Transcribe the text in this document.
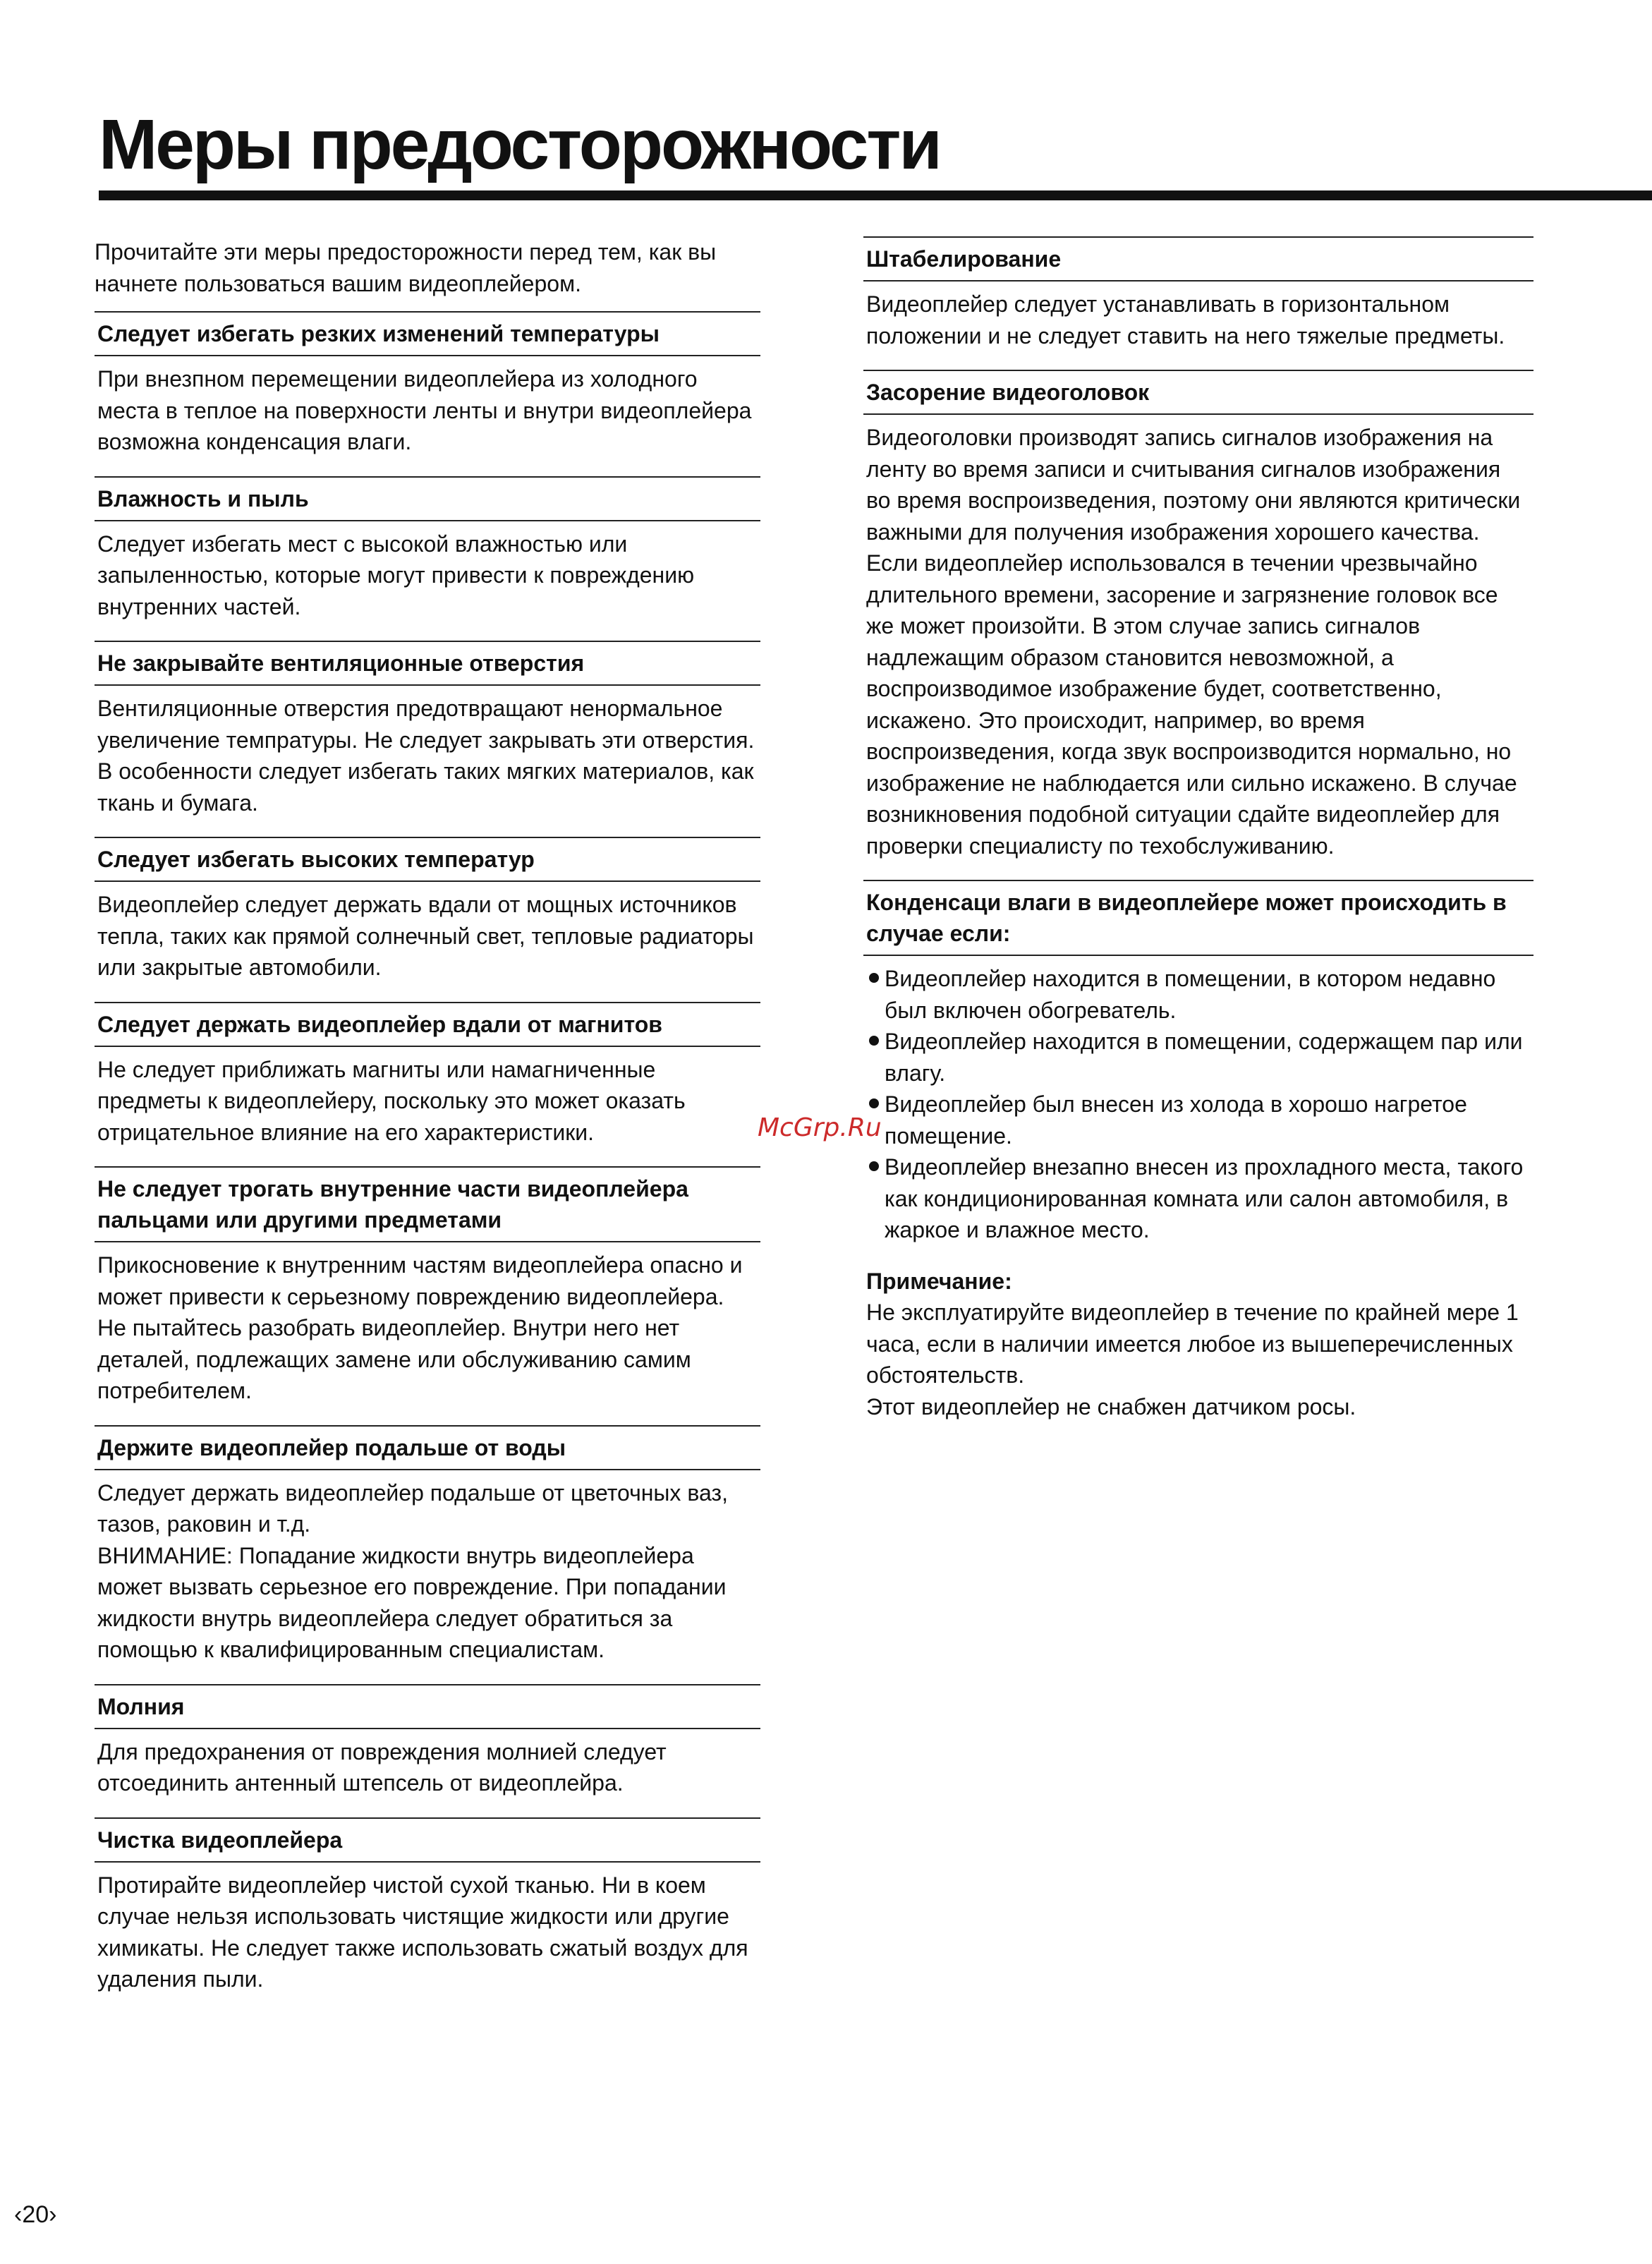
Меры предосторожности

Прочитайте эти меры предосторожности перед тем, как вы начнете пользоваться вашим видеоплейером.

Следует избегать резких изменений температуры

При внезпном перемещении видеоплейера из холодного места в теплое на поверхности ленты и внутри видеоплейера возможна конденсация влаги.

Влажность и пыль

Следует избегать мест с высокой влажностью или запыленностью, которые могут привести к повреждению внутренних частей.

Не закрывайте вентиляционные отверстия

Вентиляционные отверстия предотвращают ненормальное увеличение темпратуры. Не следует закрывать эти отверстия. В особенности следует избегать таких мягких материалов, как ткань и бумага.

Следует избегать высоких температур

Видеоплейер следует держать вдали от мощных источников тепла, таких как прямой солнечный свет, тепловые радиаторы или закрытые автомобили.

Следует держать видеоплейер вдали от магнитов

Не следует приближать магниты или намагниченные предметы к видеоплейеру, поскольку это может оказать отрицательное влияние на его характеристики.

Не следует трогать внутренние части видеоплейера пальцами или другими предметами

Прикосновение к внутренним частям видеоплейера опасно и может привести к серьезному повреждению видеоплейера. Не пытайтесь разобрать видеоплейер. Внутри него нет деталей, подлежащих замене или обслуживанию самим потребителем.

Держите видеоплейер подальше от воды

Следует держать видеоплейер подальше от цветочных ваз, тазов, раковин и т.д.

ВНИМАНИЕ: Попадание жидкости внутрь видеоплейера может вызвать серьезное его повреждение. При попадании жидкости внутрь видеоплейера следует обратиться за помощью к квалифицированным специалистам.

Молния

Для предохранения от повреждения молнией следует отсоединить антенный штепсель от видеоплейра.

Чистка видеоплейера

Протирайте видеоплейер чистой сухой тканью. Ни в коем случае нельзя использовать чистящие жидкости или другие химикаты. Не следует также использовать сжатый воздух для удаления пыли.

Штабелирование

Видеоплейер следует устанавливать в горизонтальном положении и не следует ставить на него тяжелые предметы.

Засорение видеоголовок

Видеоголовки производят запись сигналов изображения на ленту во время записи и считывания сигналов изображения во время воспроизведения, поэтому они являются критически важными для получения изображения хорошего качества. Если видеоплейер использовался в течении чрезвычайно длительного времени, засорение и загрязнение головок все же может произойти. В этом случае запись сигналов надлежащим образом становится невозможной, а воспроизводимое изображение будет, соответственно, искажено. Это происходит, например, во время воспроизведения, когда звук воспроизводится нормально, но изображение не наблюдается или сильно искажено. В случае возникновения подобной ситуации сдайте видеоплейер для проверки специалисту по техобслуживанию.

Конденсаци влаги в видеоплейере может происходить в случае если:
Видеоплейер находится в помещении, в котором недавно был включен обогреватель.
Видеоплейер находится в помещении, содержащем пар или влагу.
Видеоплейер был внесен из холода в хорошо нагретое помещение.
Видеоплейер внезапно внесен из прохладного места, такого как кондиционированная комната или салон автомобиля, в жаркое и влажное место.

Примечание:

Не эксплуатируйте видеоплейер в течение по крайней мере 1 часа, если в наличии имеется любое из вышеперечисленных обстоятельств.

Этот видеоплейер не снабжен датчиком росы.

McGrp.Ru
‹20›
